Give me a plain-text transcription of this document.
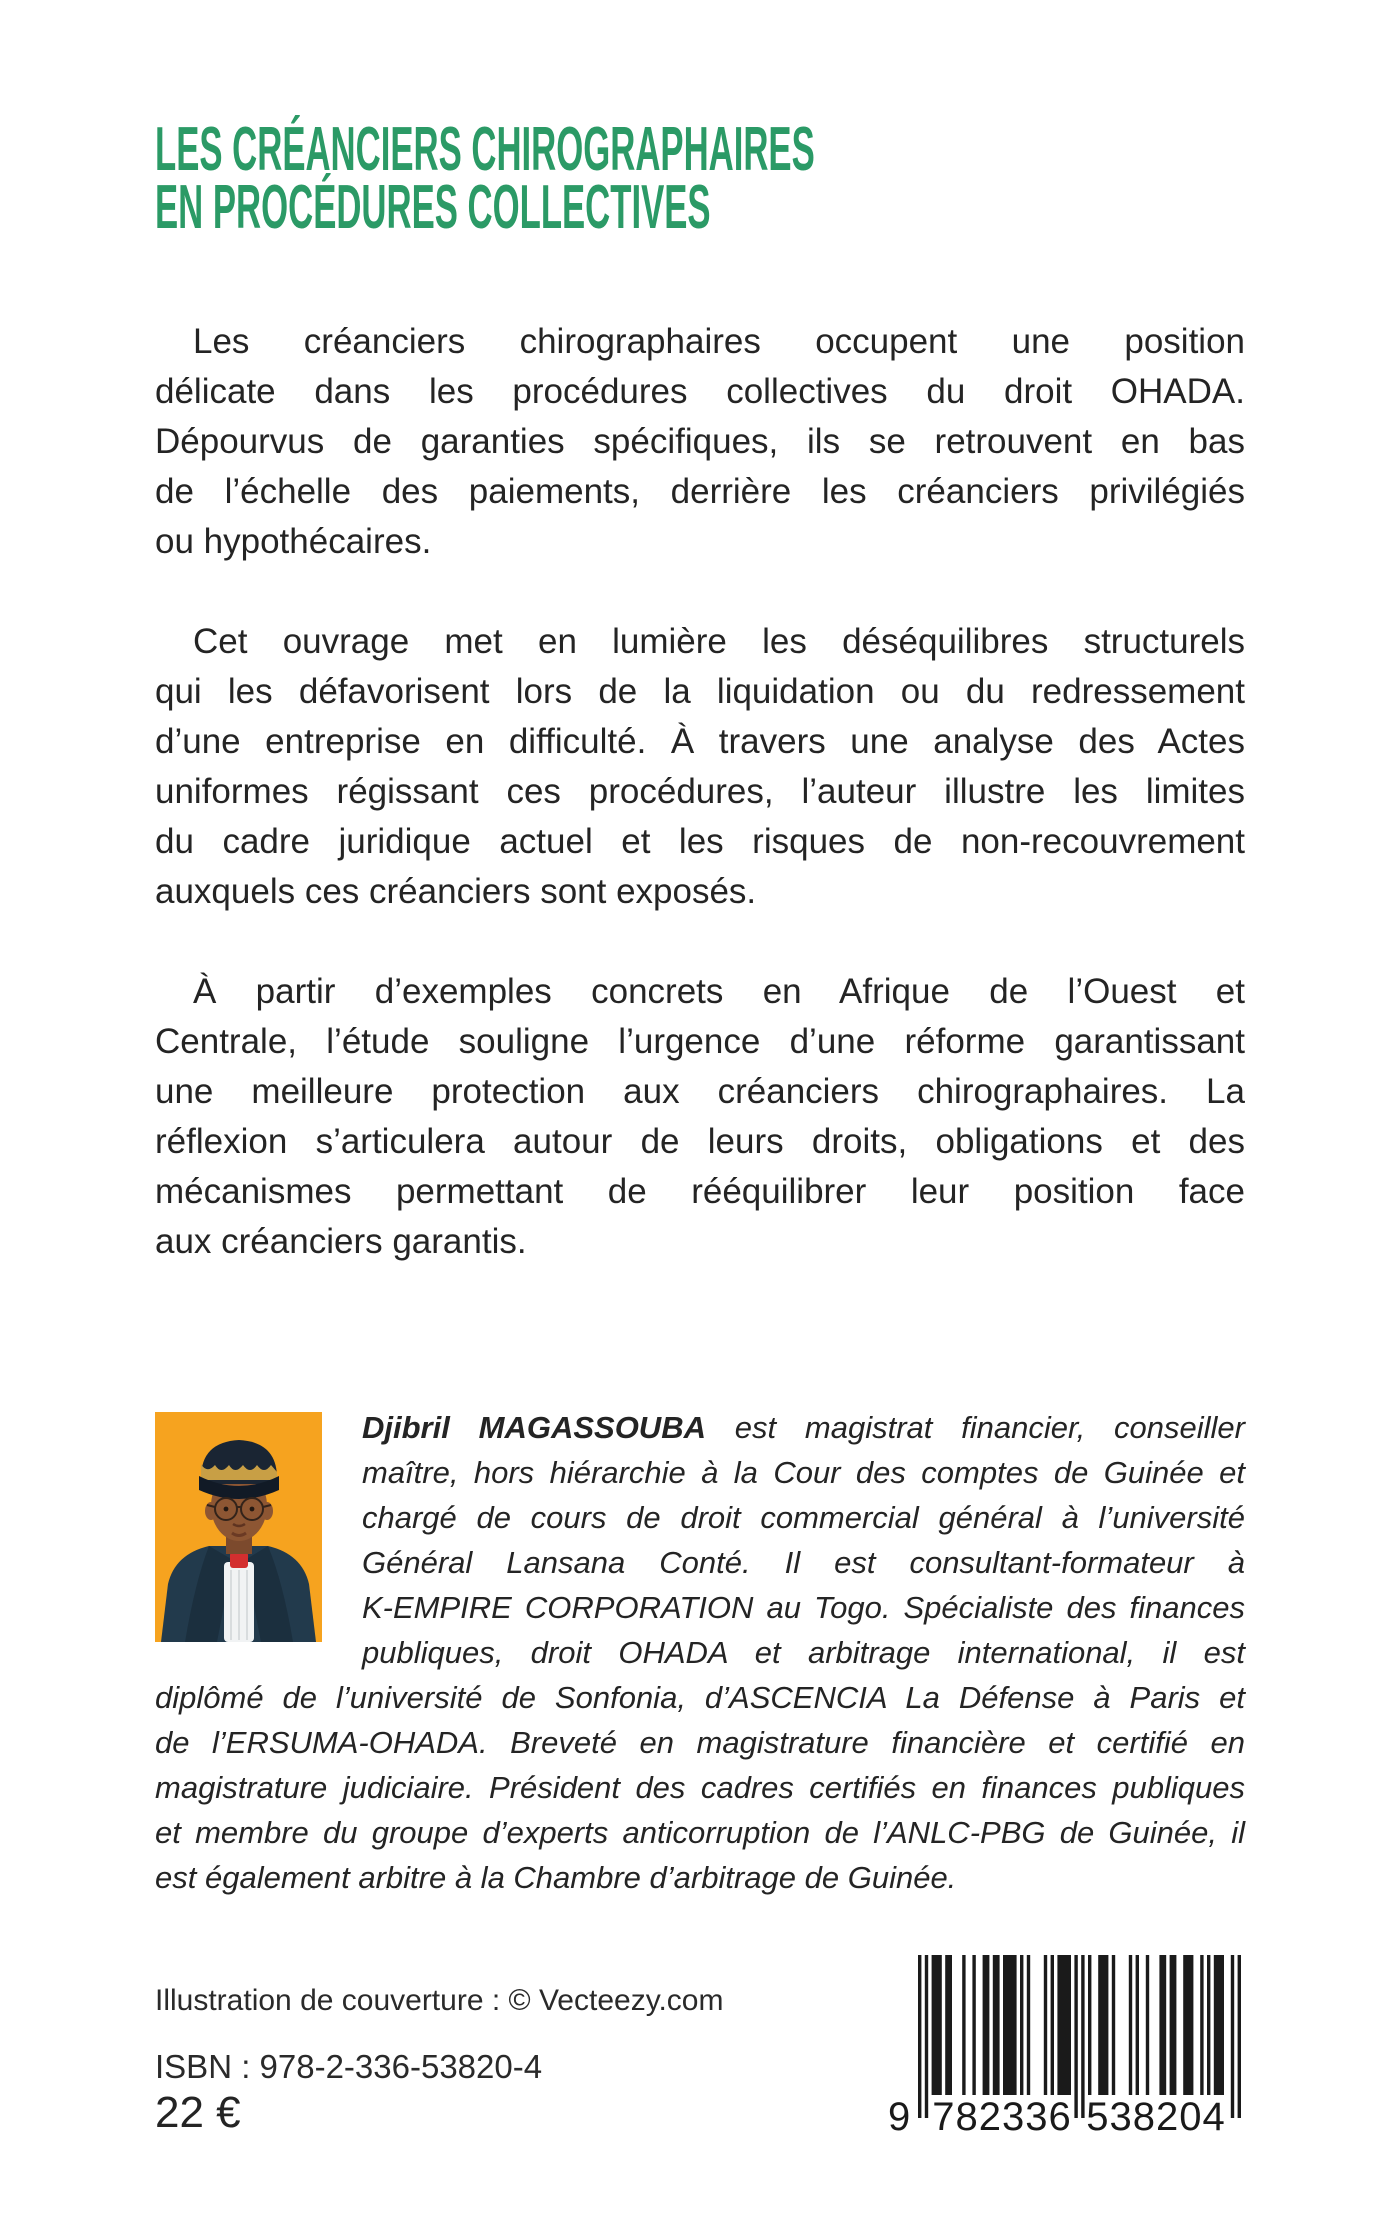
LES CRÉANCIERS CHIROGRAPHAIRES
EN PROCÉDURES COLLECTIVES
Les créanciers chirographaires occupent une position
délicate dans les procédures collectives du droit OHADA.
Dépourvus de garanties spécifiques, ils se retrouvent en bas
de l’échelle des paiements, derrière les créanciers privilégiés
ou hypothécaires.
Cet ouvrage met en lumière les déséquilibres structurels
qui les défavorisent lors de la liquidation ou du redressement
d’une entreprise en difficulté. À travers une analyse des Actes
uniformes régissant ces procédures, l’auteur illustre les limites
du cadre juridique actuel et les risques de non-recouvrement
auxquels ces créanciers sont exposés.
À partir d’exemples concrets en Afrique de l’Ouest et
Centrale, l’étude souligne l’urgence d’une réforme garantissant
une meilleure protection aux créanciers chirographaires. La
réflexion s’articulera autour de leurs droits, obligations et des
mécanismes permettant de rééquilibrer leur position face
aux créanciers garantis.
Djibril MAGASSOUBA est magistrat financier, conseiller
maître, hors hiérarchie à la Cour des comptes de Guinée et
chargé de cours de droit commercial général à l’université
Général Lansana Conté. Il est consultant-formateur à
K-EMPIRE CORPORATION au Togo. Spécialiste des finances
publiques, droit OHADA et arbitrage international, il est
diplômé de l’université de Sonfonia, d’ASCENCIA La Défense à Paris et
de l’ERSUMA-OHADA. Breveté en magistrature financière et certifié en
magistrature judiciaire. Président des cadres certifiés en finances publiques
et membre du groupe d’experts anticorruption de l’ANLC-PBG de Guinée, il
est également arbitre à la Chambre d’arbitrage de Guinée.
Illustration de couverture : © Vecteezy.com
ISBN : 978-2-336-53820-4
22 €	9 782336 538204
